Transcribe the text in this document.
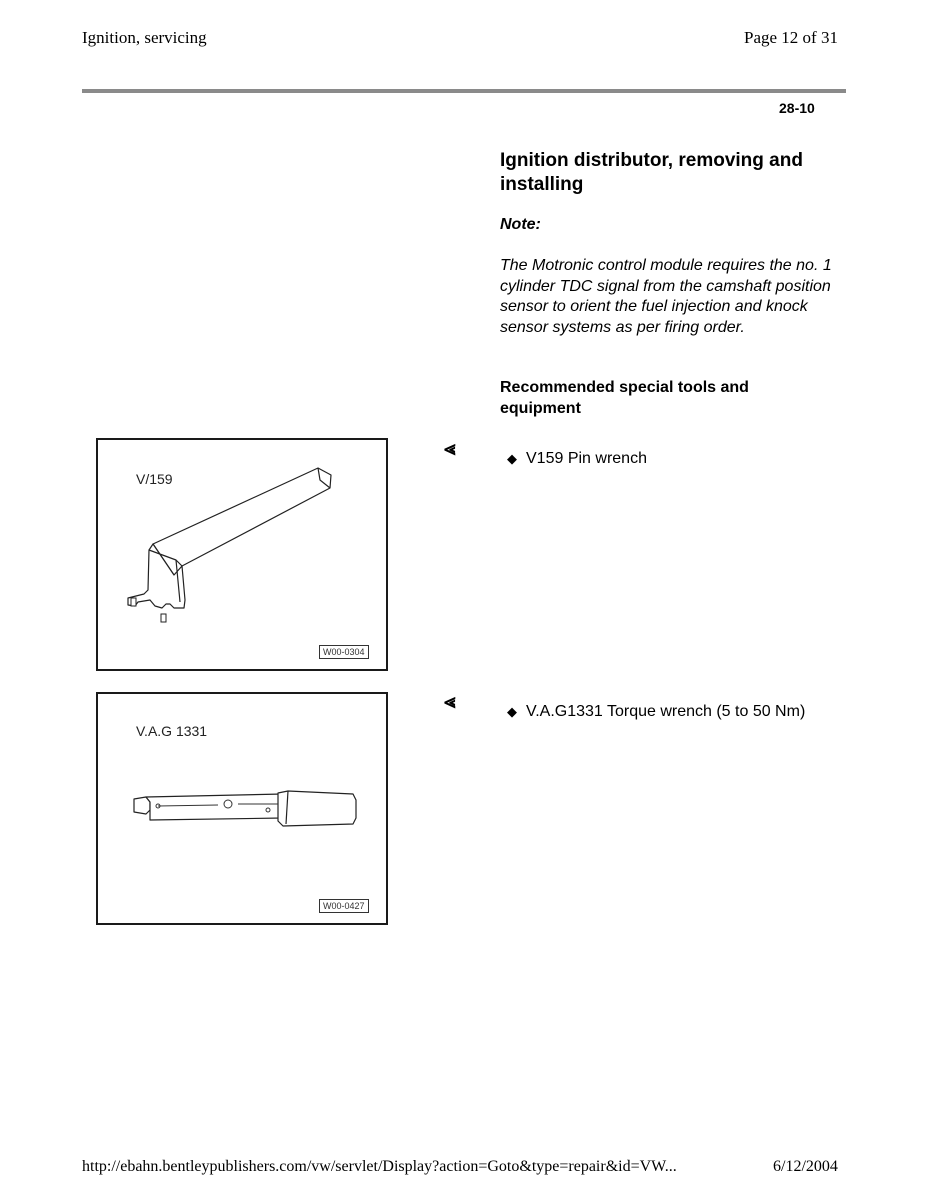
Ignition, servicing	Page 12 of 31
28-10
Ignition distributor, removing and installing
Note:
The Motronic control module requires the no. 1 cylinder TDC signal from the camshaft position sensor to orient the fuel injection and knock sensor systems as per firing order.
Recommended special tools and equipment
V/159
W00-0304
V.A.G 1331
W00-0427
⪡
⪡
◆ V159 Pin wrench
◆ V.A.G1331 Torque wrench (5 to 50 Nm)
http://ebahn.bentleypublishers.com/vw/servlet/Display?action=Goto&type=repair&id=VW...	6/12/2004
